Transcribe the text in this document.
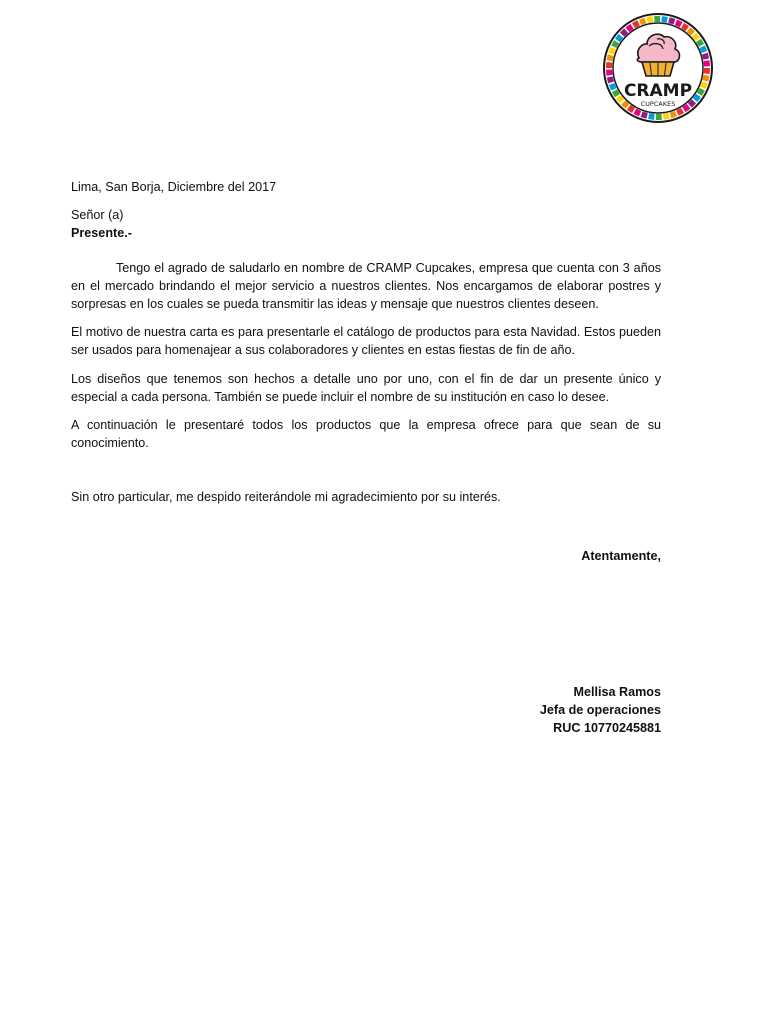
CRAMP
CUPCAKES
Lima, San Borja, Diciembre del 2017
Señor (a)
Presente.-

Tengo el agrado de saludarlo en nombre de CRAMP Cupcakes, empresa que cuenta con 3 años en el mercado brindando el mejor servicio a nuestros clientes. Nos encargamos de elaborar postres y sorpresas en los cuales se pueda transmitir las ideas y mensaje que nuestros clientes deseen.

El motivo de nuestra carta es para presentarle el catálogo de productos para esta Navidad. Estos pueden ser usados para homenajear a sus colaboradores y clientes en estas fiestas de fin de año.

Los diseños que tenemos son hechos a detalle uno por uno, con el fin de dar un presente único y especial a cada persona. También se puede incluir el nombre de su institución en caso lo desee.

A continuación le presentaré todos los productos que la empresa ofrece para que sean de su conocimiento.

Sin otro particular, me despido reiterándole mi agradecimiento por su interés.
Atentamente,
Mellisa Ramos
Jefa de operaciones
RUC 10770245881
